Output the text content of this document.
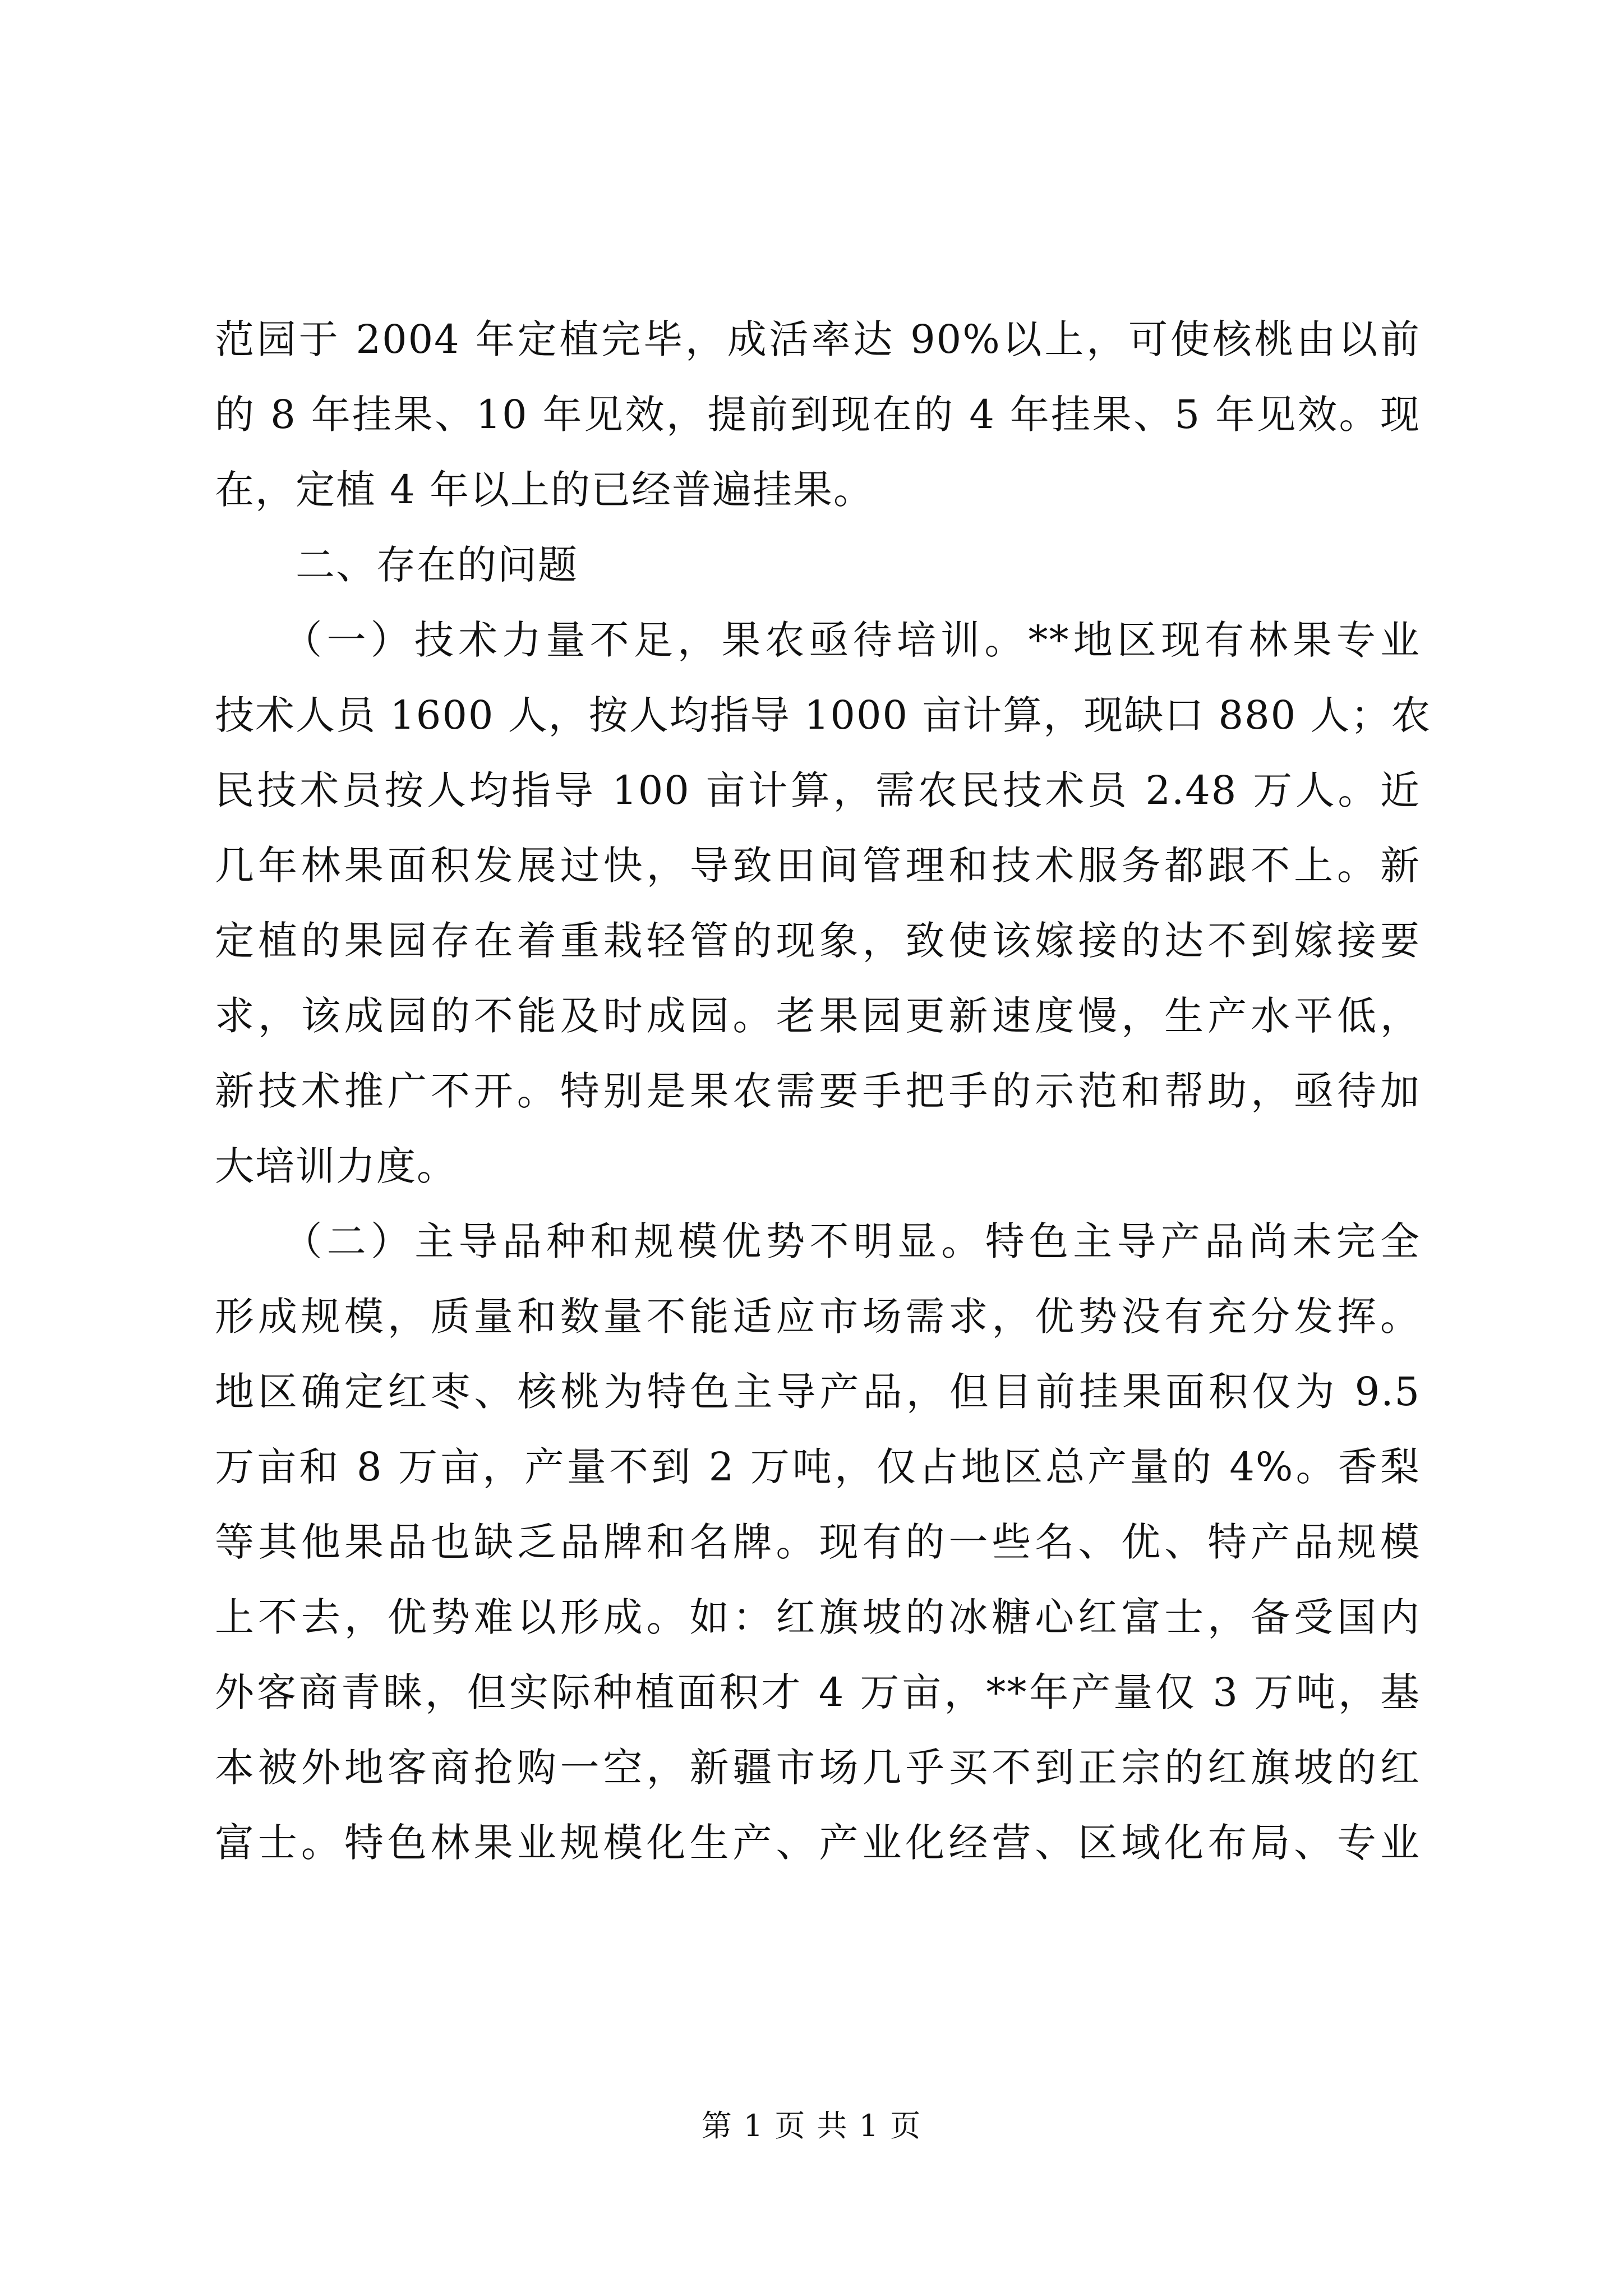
范园于 2004 年定植完毕，成活率达 90%以上，可使核桃由以前
的 8 年挂果、10 年见效，提前到现在的 4 年挂果、5 年见效。现
在，定植 4 年以上的已经普遍挂果。
　　二、存在的问题
　　（一）技术力量不足，果农亟待培训。**地区现有林果专业
技术人员 1600 人，按人均指导 1000 亩计算，现缺口 880 人；农
民技术员按人均指导 100 亩计算，需农民技术员 2.48 万人。近
几年林果面积发展过快，导致田间管理和技术服务都跟不上。新
定植的果园存在着重栽轻管的现象，致使该嫁接的达不到嫁接要
求，该成园的不能及时成园。老果园更新速度慢，生产水平低，
新技术推广不开。特别是果农需要手把手的示范和帮助，亟待加
大培训力度。
　　（二）主导品种和规模优势不明显。特色主导产品尚未完全
形成规模，质量和数量不能适应市场需求，优势没有充分发挥。
地区确定红枣、核桃为特色主导产品，但目前挂果面积仅为 9.5
万亩和 8 万亩，产量不到 2 万吨，仅占地区总产量的 4%。香梨
等其他果品也缺乏品牌和名牌。现有的一些名、优、特产品规模
上不去，优势难以形成。如：红旗坡的冰糖心红富士，备受国内
外客商青睐，但实际种植面积才 4 万亩，**年产量仅 3 万吨，基
本被外地客商抢购一空，新疆市场几乎买不到正宗的红旗坡的红
富士。特色林果业规模化生产、产业化经营、区域化布局、专业
第 1 页 共 1 页
